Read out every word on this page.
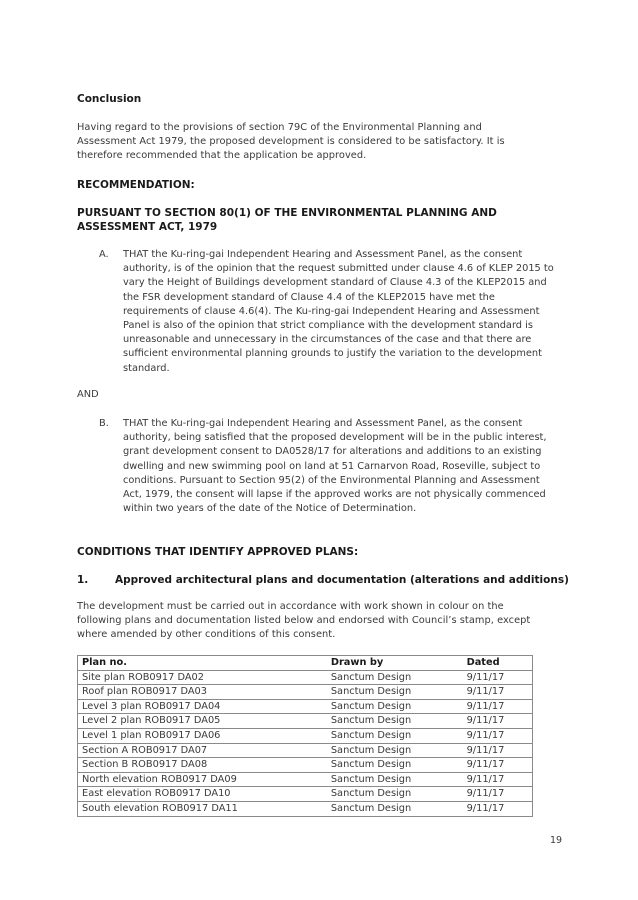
Conclusion
Having regard to the provisions of section 79C of the Environmental Planning and Assessment Act 1979, the proposed development is considered to be satisfactory. It is therefore recommended that the application be approved.
RECOMMENDATION:
PURSUANT TO SECTION 80(1) OF THE ENVIRONMENTAL PLANNING AND ASSESSMENT ACT, 1979
A. THAT the Ku-ring-gai Independent Hearing and Assessment Panel, as the consent authority, is of the opinion that the request submitted under clause 4.6 of KLEP 2015 to vary the Height of Buildings development standard of Clause 4.3 of the KLEP2015 and the FSR development standard of Clause 4.4 of the KLEP2015 have met the requirements of clause 4.6(4). The Ku-ring-gai Independent Hearing and Assessment Panel is also of the opinion that strict compliance with the development standard is unreasonable and unnecessary in the circumstances of the case and that there are sufficient environmental planning grounds to justify the variation to the development standard.
AND
B. THAT the Ku-ring-gai Independent Hearing and Assessment Panel, as the consent authority, being satisfied that the proposed development will be in the public interest, grant development consent to DA0528/17 for alterations and additions to an existing dwelling and new swimming pool on land at 51 Carnarvon Road, Roseville, subject to conditions. Pursuant to Section 95(2) of the Environmental Planning and Assessment Act, 1979, the consent will lapse if the approved works are not physically commenced within two years of the date of the Notice of Determination.
CONDITIONS THAT IDENTIFY APPROVED PLANS:
1.	Approved architectural plans and documentation (alterations and additions)
The development must be carried out in accordance with work shown in colour on the following plans and documentation listed below and endorsed with Council’s stamp, except where amended by other conditions of this consent.
Plan no.	Drawn by	Dated
Site plan ROB0917 DA02	Sanctum Design	9/11/17
Roof plan ROB0917 DA03	Sanctum Design	9/11/17
Level 3 plan ROB0917 DA04	Sanctum Design	9/11/17
Level 2 plan ROB0917 DA05	Sanctum Design	9/11/17
Level 1 plan ROB0917 DA06	Sanctum Design	9/11/17
Section A ROB0917 DA07	Sanctum Design	9/11/17
Section B ROB0917 DA08	Sanctum Design	9/11/17
North elevation ROB0917 DA09	Sanctum Design	9/11/17
East elevation ROB0917 DA10	Sanctum Design	9/11/17
South elevation ROB0917 DA11	Sanctum Design	9/11/17
19
